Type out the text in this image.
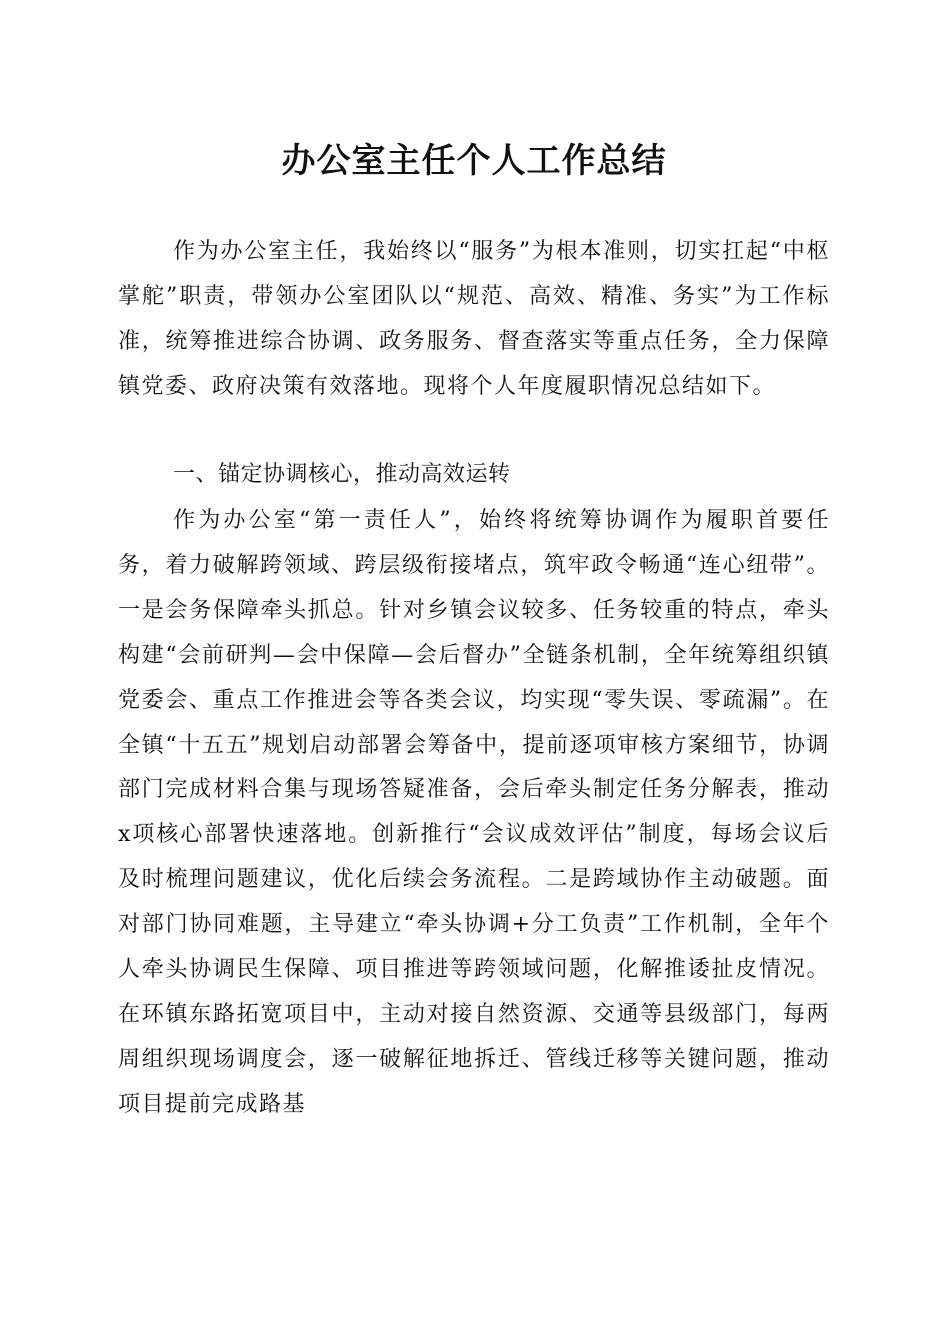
办公室主任个人工作总结

作为办公室主任，我始终以“服务”为根本准则，切实扛起“中枢掌舵”职责，带领办公室团队以“规范、高效、精准、务实”为工作标准，统筹推进综合协调、政务服务、督查落实等重点任务，全力保障镇党委、政府决策有效落地。现将个人年度履职情况总结如下。

一、锚定协调核心，推动高效运转

作为办公室“第一责任人”，始终将统筹协调作为履职首要任务，着力破解跨领域、跨层级衔接堵点，筑牢政令畅通“连心纽带”。一是会务保障牵头抓总。针对乡镇会议较多、任务较重的特点，牵头构建“会前研判—会中保障—会后督办”全链条机制，全年统筹组织镇党委会、重点工作推进会等各类会议，均实现“零失误、零疏漏”。在全镇“十五五”规划启动部署会筹备中，提前逐项审核方案细节，协调部门完成材料合集与现场答疑准备，会后牵头制定任务分解表，推动x项核心部署快速落地。创新推行“会议成效评估”制度，每场会议后及时梳理问题建议，优化后续会务流程。二是跨域协作主动破题。面对部门协同难题，主导建立“牵头协调+分工负责”工作机制，全年个人牵头协调民生保障、项目推进等跨领域问题，化解推诿扯皮情况。在环镇东路拓宽项目中，主动对接自然资源、交通等县级部门，每两周组织现场调度会，逐一破解征地拆迁、管线迁移等关键问题，推动项目提前完成路基
